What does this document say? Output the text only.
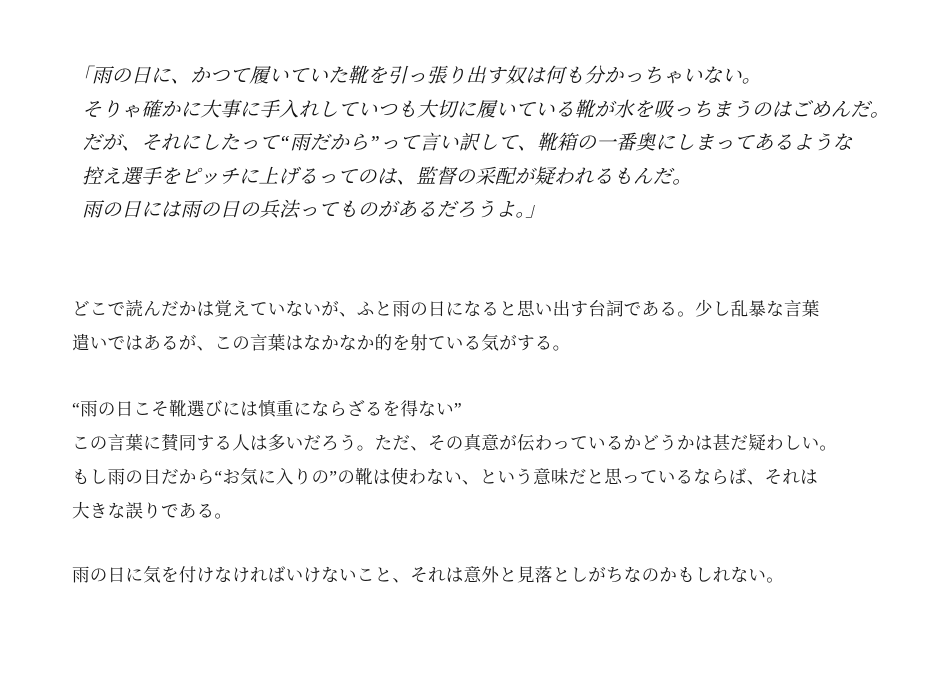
「雨の日に、かつて履いていた靴を引っ張り出す奴は何も分かっちゃいない。
そりゃ確かに大事に手入れしていつも大切に履いている靴が水を吸っちまうのはごめんだ。
だが、それにしたって“雨だから”って言い訳して、靴箱の一番奥にしまってあるような
控え選手をピッチに上げるってのは、監督の采配が疑われるもんだ。
雨の日には雨の日の兵法ってものがあるだろうよ。」
どこで読んだかは覚えていないが、ふと雨の日になると思い出す台詞である。少し乱暴な言葉
遣いではあるが、この言葉はなかなか的を射ている気がする。
“雨の日こそ靴選びには慎重にならざるを得ない”
この言葉に賛同する人は多いだろう。ただ、その真意が伝わっているかどうかは甚だ疑わしい。
もし雨の日だから“お気に入りの”の靴は使わない、という意味だと思っているならば、それは
大きな誤りである。
雨の日に気を付けなければいけないこと、それは意外と見落としがちなのかもしれない。
